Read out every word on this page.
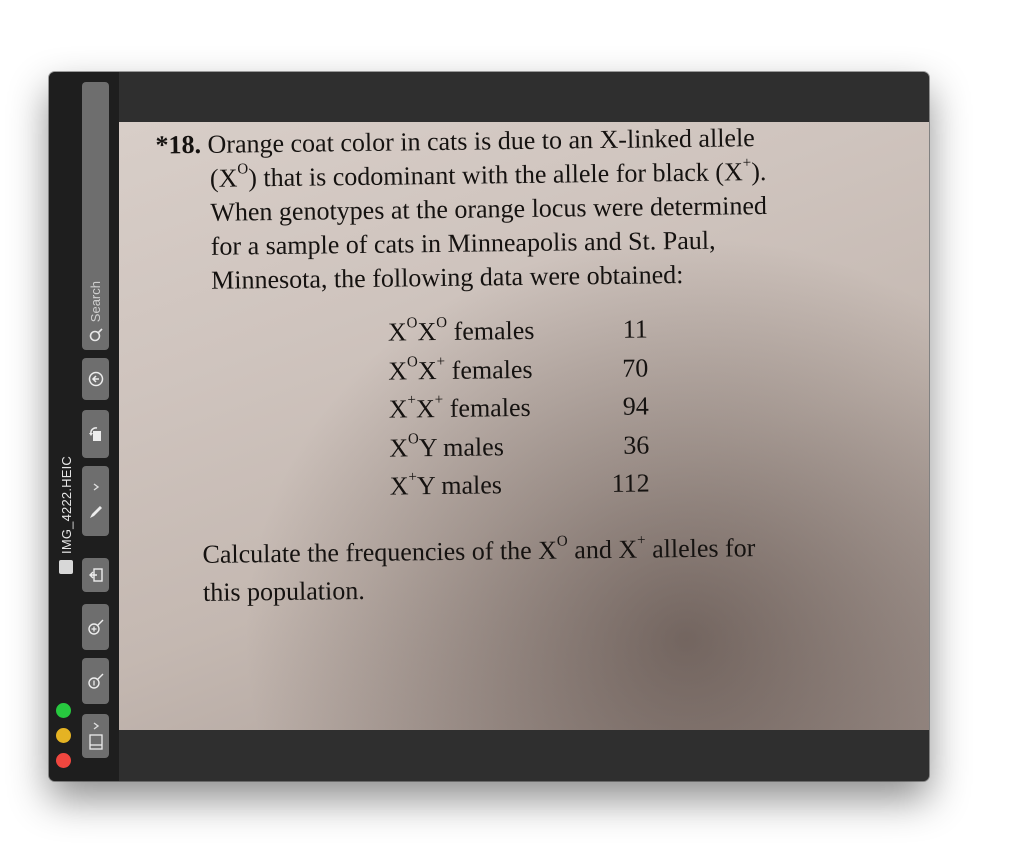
Search
IMG_4222.HEIC
*18. Orange coat color in cats is due to an X-linked allele
$(X^O)$ that is codominant with the allele for black (X+).
When genotypes at the orange locus were determined
for a sample of cats in Minneapolis and St. Paul,
Minnesota, the following data were obtained:
$X^OX^O$ females	11
$X^OX^+$ females	70
X+X+ females	94
$X^OY$ males	36
X+Y males	112
Calculate the frequencies of the $X^O$ and X+ alleles for
this population.
